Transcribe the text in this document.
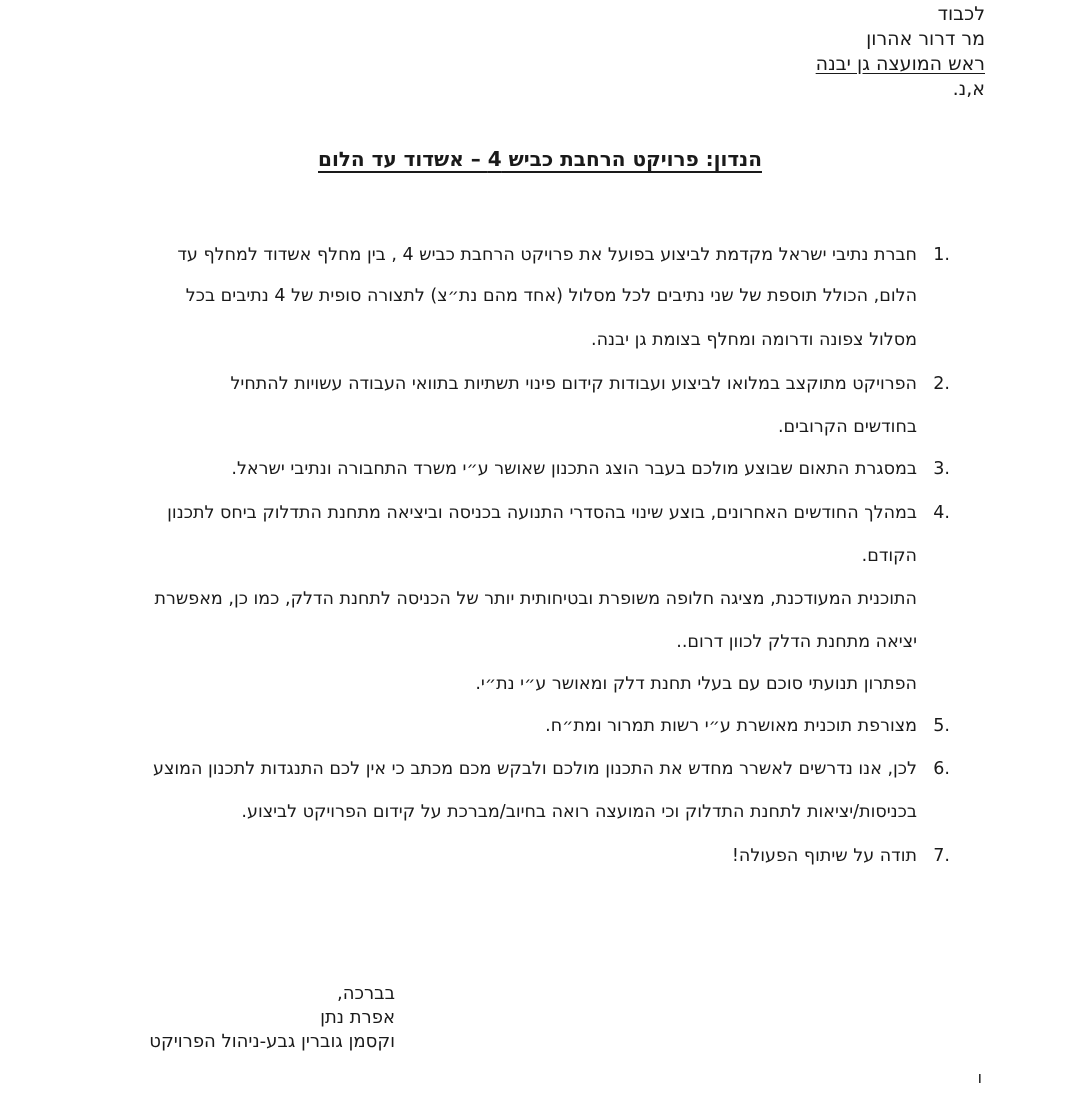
לכבוד
מר דרור אהרון
ראש המועצה גן יבנה
א,נ.
הנדון: פרויקט הרחבת כביש 4 – אשדוד עד הלום
1.
חברת נתיבי ישראל מקדמת לביצוע בפועל את פרויקט הרחבת כביש 4 , בין מחלף אשדוד למחלף עד
הלום, הכולל תוספת של שני נתיבים לכל מסלול (אחד מהם נת״צ) לתצורה סופית של 4 נתיבים בכל
מסלול צפונה ודרומה ומחלף בצומת גן יבנה.
2.
הפרויקט מתוקצב במלואו לביצוע ועבודות קידום פינוי תשתיות בתוואי העבודה עשויות להתחיל
בחודשים הקרובים.
3.
במסגרת התאום שבוצע מולכם בעבר הוצג התכנון שאושר ע״י משרד התחבורה ונתיבי ישראל.
4.
במהלך החודשים האחרונים, בוצע שינוי בהסדרי התנועה בכניסה וביציאה מתחנת התדלוק ביחס לתכנון
הקודם.
התוכנית המעודכנת, מציגה חלופה משופרת ובטיחותית יותר של הכניסה לתחנת הדלק, כמו כן, מאפשרת
יציאה מתחנת הדלק לכוון דרום..
הפתרון תנועתי סוכם עם בעלי תחנת דלק ומאושר ע״י נת״י.
5.
מצורפת תוכנית מאושרת ע״י רשות תמרור ומת״ח.
6.
לכן, אנו נדרשים לאשרר מחדש את התכנון מולכם ולבקש מכם מכתב כי אין לכם התנגדות לתכנון המוצע
בכניסות/יציאות לתחנת התדלוק וכי המועצה רואה בחיוב/מברכת על קידום הפרויקט לביצוע.
7.
תודה על שיתוף הפעולה!
בברכה,
אפרת נתן
וקסמן גוברין גבע-ניהול הפרויקט
ו
